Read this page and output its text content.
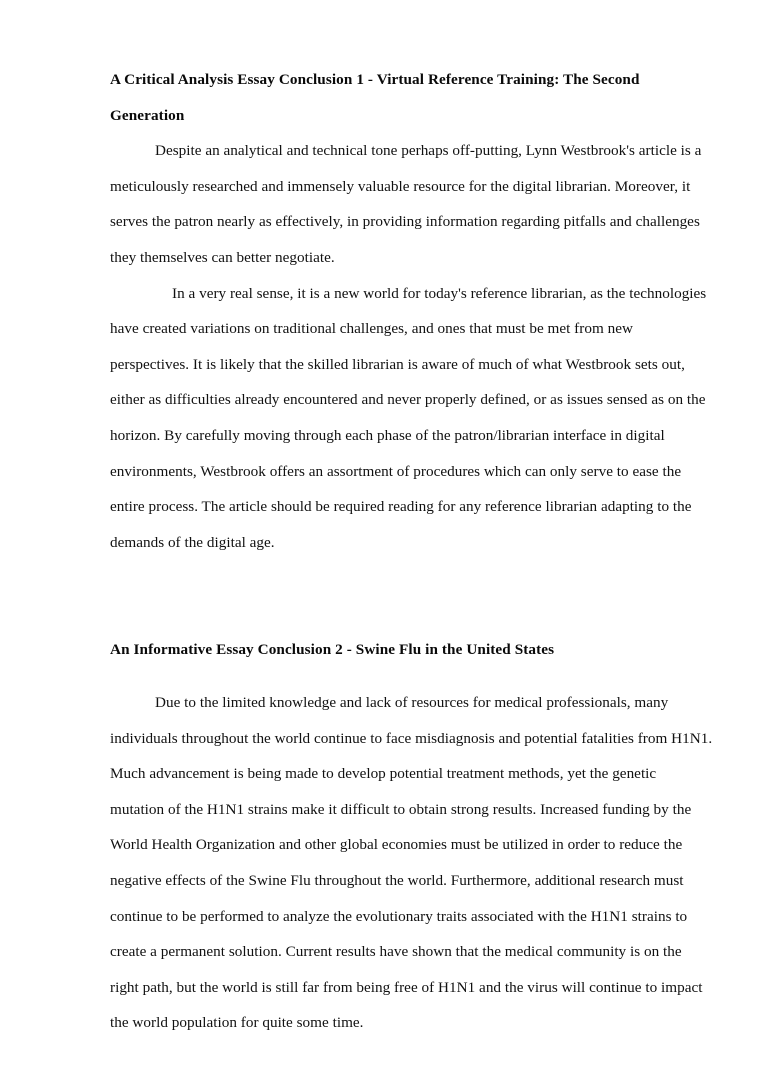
A Critical Analysis Essay Conclusion 1 - Virtual Reference Training: The Second Generation

Despite an analytical and technical tone perhaps off-putting, Lynn Westbrook's article is a meticulously researched and immensely valuable resource for the digital librarian. Moreover, it serves the patron nearly as effectively, in providing information regarding pitfalls and challenges they themselves can better negotiate.

In a very real sense, it is a new world for today's reference librarian, as the technologies have created variations on traditional challenges, and ones that must be met from new perspectives. It is likely that the skilled librarian is aware of much of what Westbrook sets out, either as difficulties already encountered and never properly defined, or as issues sensed as on the horizon. By carefully moving through each phase of the patron/librarian interface in digital environments, Westbrook offers an assortment of procedures which can only serve to ease the entire process. The article should be required reading for any reference librarian adapting to the demands of the digital age.

An Informative Essay Conclusion 2 - Swine Flu in the United States

Due to the limited knowledge and lack of resources for medical professionals, many individuals throughout the world continue to face misdiagnosis and potential fatalities from H1N1. Much advancement is being made to develop potential treatment methods, yet the genetic mutation of the H1N1 strains make it difficult to obtain strong results. Increased funding by the World Health Organization and other global economies must be utilized in order to reduce the negative effects of the Swine Flu throughout the world. Furthermore, additional research must continue to be performed to analyze the evolutionary traits associated with the H1N1 strains to create a permanent solution. Current results have shown that the medical community is on the right path, but the world is still far from being free of H1N1 and the virus will continue to impact the world population for quite some time.
